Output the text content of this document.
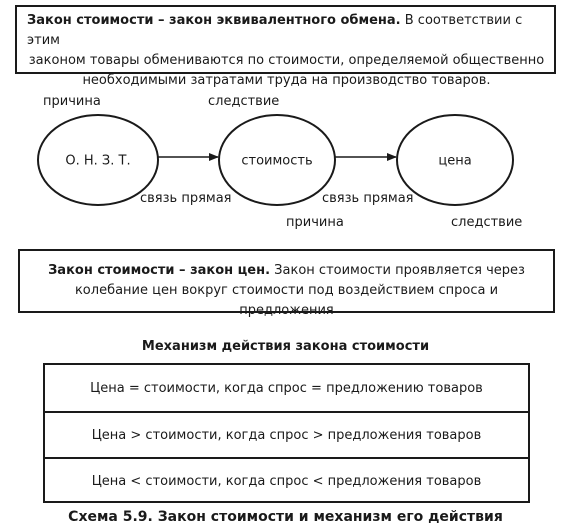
Закон стоимости – закон эквивалентного обмена. В соответствии с этим
законом товары обмениваются по стоимости, определяемой общественно
необходимыми затратами труда на производство товаров.
О. Н. З. Т.	стоимость	цена
причина	следствие
связь прямая	связь прямая
причина	следствие
Закон стоимости – закон цен. Закон стоимости проявляется через
колебание цен вокруг стоимости под воздействием спроса и предложения
Механизм действия закона стоимости
Цена = стоимости, когда спрос = предложению товаров
Цена > стоимости, когда спрос > предложения товаров
Цена < стоимости, когда спрос < предложения товаров
Схема 5.9. Закон стоимости и механизм его действия
